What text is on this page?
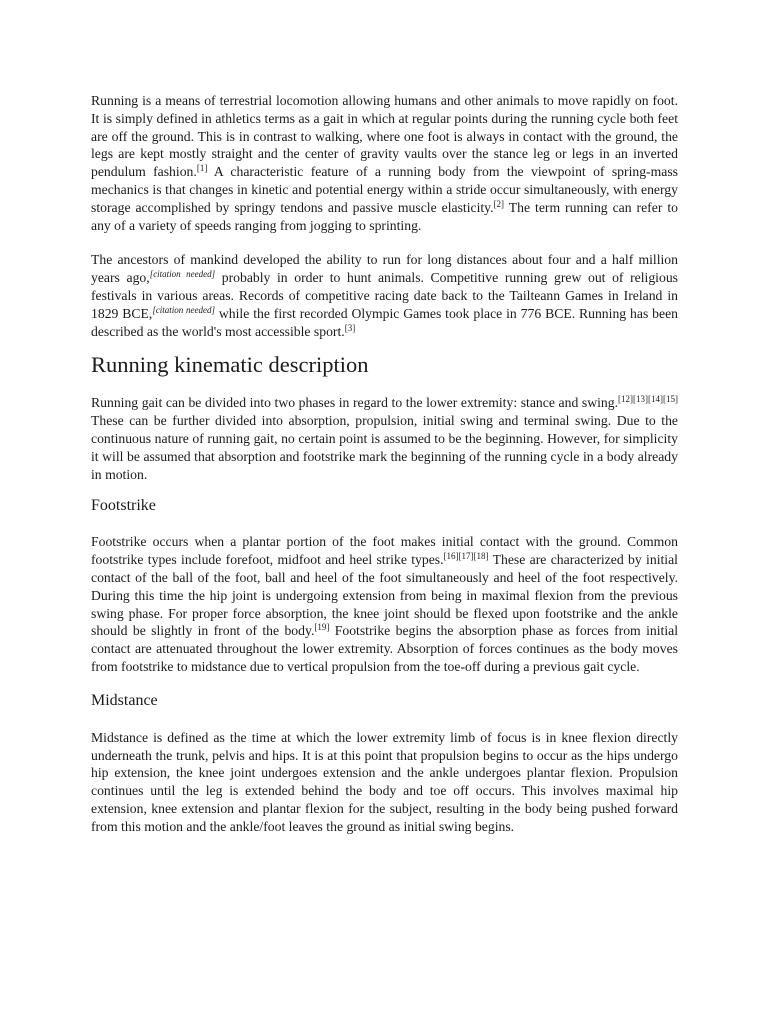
Running is a means of terrestrial locomotion allowing humans and other animals to move rapidly on foot. It is simply defined in athletics terms as a gait in which at regular points during the running cycle both feet are off the ground. This is in contrast to walking, where one foot is always in contact with the ground, the legs are kept mostly straight and the center of gravity vaults over the stance leg or legs in an inverted pendulum fashion.[1] A characteristic feature of a running body from the viewpoint of spring-mass mechanics is that changes in kinetic and potential energy within a stride occur simultaneously, with energy storage accomplished by springy tendons and passive muscle elasticity.[2] The term running can refer to any of a variety of speeds ranging from jogging to sprinting.

The ancestors of mankind developed the ability to run for long distances about four and a half million years ago,[citation needed] probably in order to hunt animals. Competitive running grew out of religious festivals in various areas. Records of competitive racing date back to the Tailteann Games in Ireland in 1829 BCE,[citation needed] while the first recorded Olympic Games took place in 776 BCE. Running has been described as the world's most accessible sport.[3]

Running kinematic description

Running gait can be divided into two phases in regard to the lower extremity: stance and swing.[12][13][14][15] These can be further divided into absorption, propulsion, initial swing and terminal swing. Due to the continuous nature of running gait, no certain point is assumed to be the beginning. However, for simplicity it will be assumed that absorption and footstrike mark the beginning of the running cycle in a body already in motion.

Footstrike

Footstrike occurs when a plantar portion of the foot makes initial contact with the ground. Common footstrike types include forefoot, midfoot and heel strike types.[16][17][18] These are characterized by initial contact of the ball of the foot, ball and heel of the foot simultaneously and heel of the foot respectively. During this time the hip joint is undergoing extension from being in maximal flexion from the previous swing phase. For proper force absorption, the knee joint should be flexed upon footstrike and the ankle should be slightly in front of the body.[19] Footstrike begins the absorption phase as forces from initial contact are attenuated throughout the lower extremity. Absorption of forces continues as the body moves from footstrike to midstance due to vertical propulsion from the toe-off during a previous gait cycle.

Midstance

Midstance is defined as the time at which the lower extremity limb of focus is in knee flexion directly underneath the trunk, pelvis and hips. It is at this point that propulsion begins to occur as the hips undergo hip extension, the knee joint undergoes extension and the ankle undergoes plantar flexion. Propulsion continues until the leg is extended behind the body and toe off occurs. This involves maximal hip extension, knee extension and plantar flexion for the subject, resulting in the body being pushed forward from this motion and the ankle/foot leaves the ground as initial swing begins.
